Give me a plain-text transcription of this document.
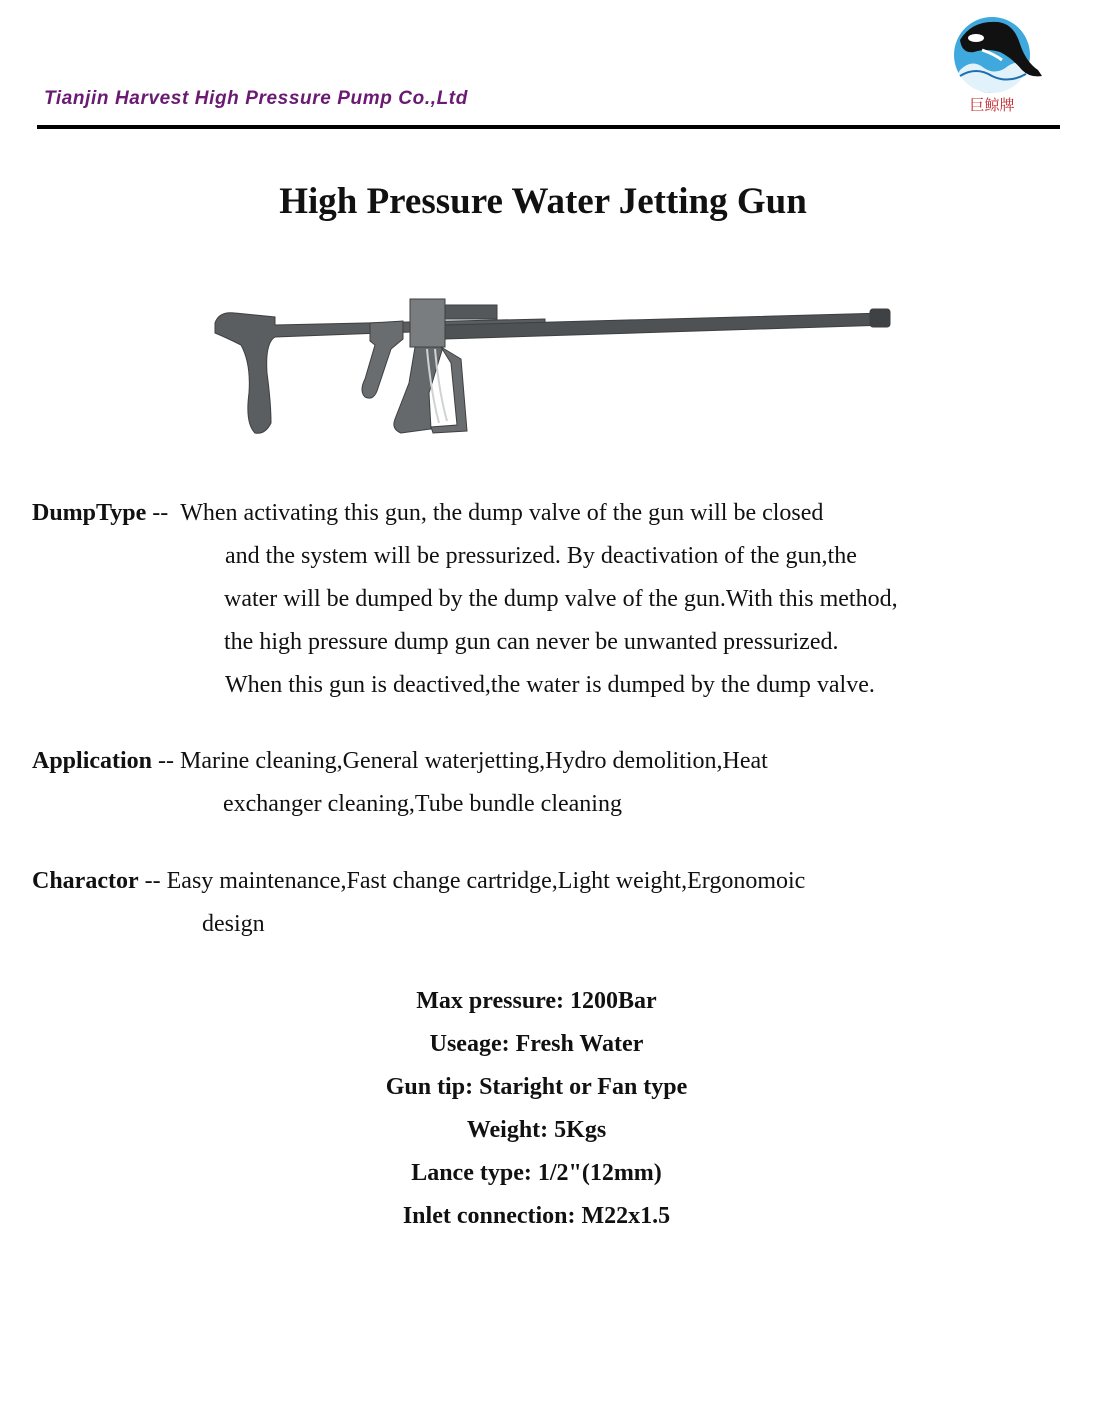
Tianjin Harvest High Pressure Pump Co.,Ltd	巨鲸牌
High Pressure Water Jetting Gun
DumpType -- When activating this gun, the dump valve of the gun will be closed
and the system will be pressurized. By deactivation of the gun,the
water will be dumped by the dump valve of the gun.With this method,
the high pressure dump gun can never be unwanted pressurized.
When this gun is deactived,the water is dumped by the dump valve.
Application -- Marine cleaning,General waterjetting,Hydro demolition,Heat
exchanger cleaning,Tube bundle cleaning
Charactor -- Easy maintenance,Fast change cartridge,Light weight,Ergonomoic
design
Max pressure: 1200Bar
Useage: Fresh Water
Gun tip: Staright or Fan type
Weight: 5Kgs
Lance type: 1/2"(12mm)
Inlet connection: M22x1.5
